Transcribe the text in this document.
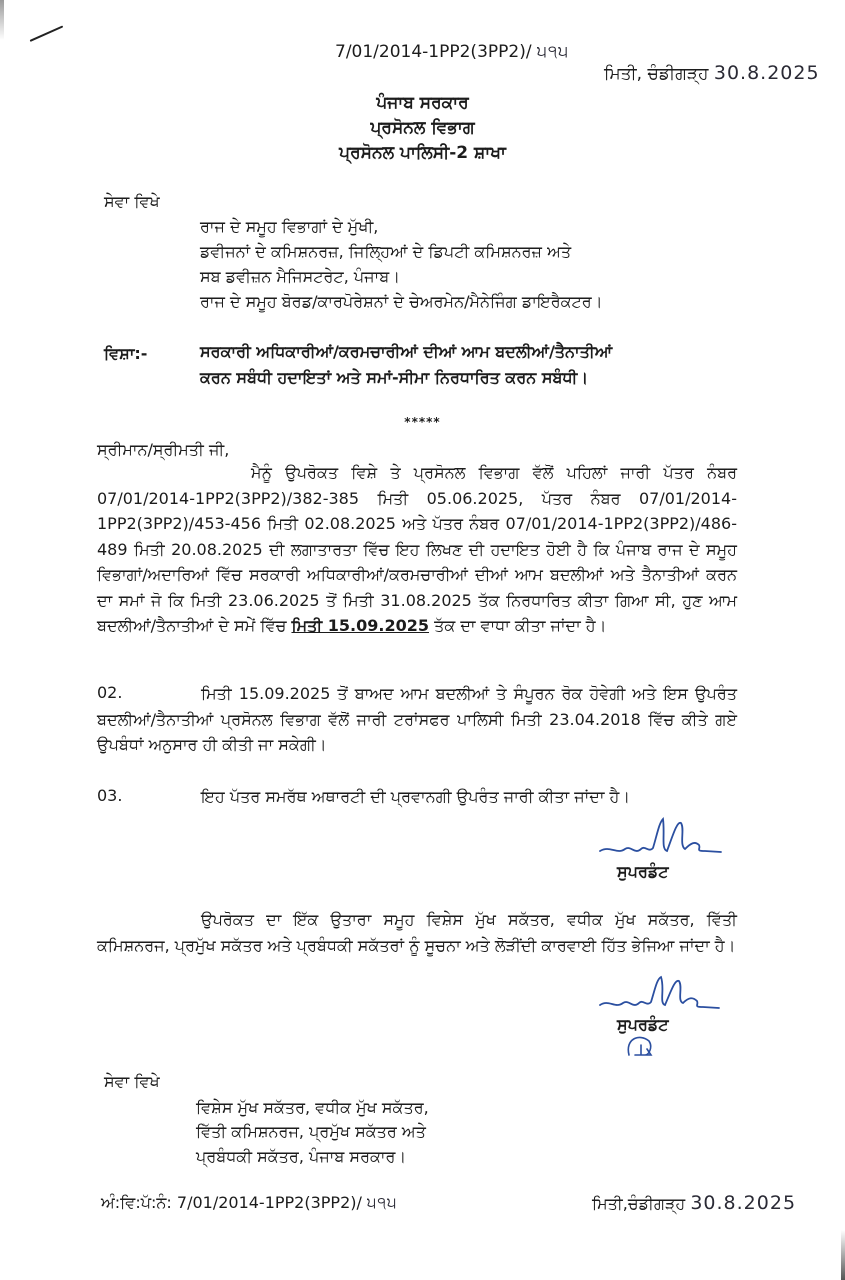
7/01/2014-1PP2(3PP2)/ ੫੧੫
ਮਿਤੀ, ਚੰਡੀਗੜ੍ਹ 30.8.2025
ਪੰਜਾਬ ਸਰਕਾਰ
ਪ੍ਰਸੋਨਲ ਵਿਭਾਗ
ਪ੍ਰਸੋਨਲ ਪਾਲਿਸੀ-2 ਸ਼ਾਖਾ
ਸੇਵਾ ਵਿਖੇ
ਰਾਜ ਦੇ ਸਮੂਹ ਵਿਭਾਗਾਂ ਦੇ ਮੁੱਖੀ,
ਡਵੀਜਨਾਂ ਦੇ ਕਮਿਸ਼ਨਰਜ਼, ਜਿਲ੍ਹਿਆਂ ਦੇ ਡਿਪਟੀ ਕਮਿਸ਼ਨਰਜ਼ ਅਤੇ
ਸਬ ਡਵੀਜ਼ਨ ਮੈਜਿਸਟਰੇਟ, ਪੰਜਾਬ।
ਰਾਜ ਦੇ ਸਮੂਹ ਬੋਰਡ/ਕਾਰਪੋਰੇਸ਼ਨਾਂ ਦੇ ਚੇਅਰਮੇਨ/ਮੈਨੇਜਿੰਗ ਡਾਇਰੈਕਟਰ।
ਵਿਸ਼ਾ:-	ਸਰਕਾਰੀ ਅਧਿਕਾਰੀਆਂ/ਕਰਮਚਾਰੀਆਂ ਦੀਆਂ ਆਮ ਬਦਲੀਆਂ/ਤੈਨਾਤੀਆਂ
ਕਰਨ ਸਬੰਧੀ ਹਦਾਇਤਾਂ ਅਤੇ ਸਮਾਂ-ਸੀਮਾ ਨਿਰਧਾਰਿਤ ਕਰਨ ਸਬੰਧੀ।
*****
ਸ੍ਰੀਮਾਨ/ਸ੍ਰੀਮਤੀ ਜੀ,
ਮੈਨੂੰ ਉਪਰੋਕਤ ਵਿਸ਼ੇ ਤੇ ਪ੍ਰਸੋਨਲ ਵਿਭਾਗ ਵੱਲੋਂ ਪਹਿਲਾਂ ਜਾਰੀ ਪੱਤਰ ਨੰਬਰ 07/01/2014-1PP2(3PP2)/382-385 ਮਿਤੀ 05.06.2025, ਪੱਤਰ ਨੰਬਰ 07/01/2014-1PP2(3PP2)/453-456 ਮਿਤੀ 02.08.2025 ਅਤੇ ਪੱਤਰ ਨੰਬਰ 07/01/2014-1PP2(3PP2)/486-489 ਮਿਤੀ 20.08.2025 ਦੀ ਲਗਾਤਾਰਤਾ ਵਿੱਚ ਇਹ ਲਿਖਣ ਦੀ ਹਦਾਇਤ ਹੋਈ ਹੈ ਕਿ ਪੰਜਾਬ ਰਾਜ ਦੇ ਸਮੂਹ ਵਿਭਾਗਾਂ/ਅਦਾਰਿਆਂ ਵਿੱਚ ਸਰਕਾਰੀ ਅਧਿਕਾਰੀਆਂ/ਕਰਮਚਾਰੀਆਂ ਦੀਆਂ ਆਮ ਬਦਲੀਆਂ ਅਤੇ ਤੈਨਾਤੀਆਂ ਕਰਨ ਦਾ ਸਮਾਂ ਜੋ ਕਿ ਮਿਤੀ 23.06.2025 ਤੋਂ ਮਿਤੀ 31.08.2025 ਤੱਕ ਨਿਰਧਾਰਿਤ ਕੀਤਾ ਗਿਆ ਸੀ, ਹੁਣ ਆਮ ਬਦਲੀਆਂ/ਤੈਨਾਤੀਆਂ ਦੇ ਸਮੇਂ ਵਿੱਚ ਮਿਤੀ 15.09.2025 ਤੱਕ ਦਾ ਵਾਧਾ ਕੀਤਾ ਜਾਂਦਾ ਹੈ।
02.	ਮਿਤੀ 15.09.2025 ਤੋਂ ਬਾਅਦ ਆਮ ਬਦਲੀਆਂ ਤੇ ਸੰਪੂਰਨ ਰੋਕ ਹੋਵੇਗੀ ਅਤੇ ਇਸ ਉਪਰੰਤ ਬਦਲੀਆਂ/ਤੈਨਾਤੀਆਂ ਪ੍ਰਸੋਨਲ ਵਿਭਾਗ ਵੱਲੋਂ ਜਾਰੀ ਟਰਾਂਸਫਰ ਪਾਲਿਸੀ ਮਿਤੀ 23.04.2018 ਵਿੱਚ ਕੀਤੇ ਗਏ ਉਪਬੰਧਾਂ ਅਨੁਸਾਰ ਹੀ ਕੀਤੀ ਜਾ ਸਕੇਗੀ।
03.	ਇਹ ਪੱਤਰ ਸਮਰੱਥ ਅਥਾਰਟੀ ਦੀ ਪ੍ਰਵਾਨਗੀ ਉਪਰੰਤ ਜਾਰੀ ਕੀਤਾ ਜਾਂਦਾ ਹੈ।
ਸੁਪਰਡੰਟ
ਉਪਰੋਕਤ ਦਾ ਇੱਕ ਉਤਾਰਾ ਸਮੂਹ ਵਿਸ਼ੇਸ ਮੁੱਖ ਸਕੱਤਰ, ਵਧੀਕ ਮੁੱਖ ਸਕੱਤਰ, ਵਿੱਤੀ ਕਮਿਸ਼ਨਰਜ, ਪ੍ਰਮੁੱਖ ਸਕੱਤਰ ਅਤੇ ਪ੍ਰਬੰਧਕੀ ਸਕੱਤਰਾਂ ਨੂੰ ਸੂਚਨਾ ਅਤੇ ਲੋੜੀਂਦੀ ਕਾਰਵਾਈ ਹਿੱਤ ਭੇਜਿਆ ਜਾਂਦਾ ਹੈ।
ਸੁਪਰਡੰਟ
ਸੇਵਾ ਵਿਖੇ
ਵਿਸ਼ੇਸ ਮੁੱਖ ਸਕੱਤਰ, ਵਧੀਕ ਮੁੱਖ ਸਕੱਤਰ,
ਵਿੱਤੀ ਕਮਿਸ਼ਨਰਜ, ਪ੍ਰਮੁੱਖ ਸਕੱਤਰ ਅਤੇ
ਪ੍ਰਬੰਧਕੀ ਸਕੱਤਰ, ਪੰਜਾਬ ਸਰਕਾਰ।
ਅੰ:ਵਿ:ਪੱ:ਨੰ: 7/01/2014-1PP2(3PP2)/ ੫੧੫	ਮਿਤੀ,ਚੰਡੀਗੜ੍ਹ 30.8.2025
